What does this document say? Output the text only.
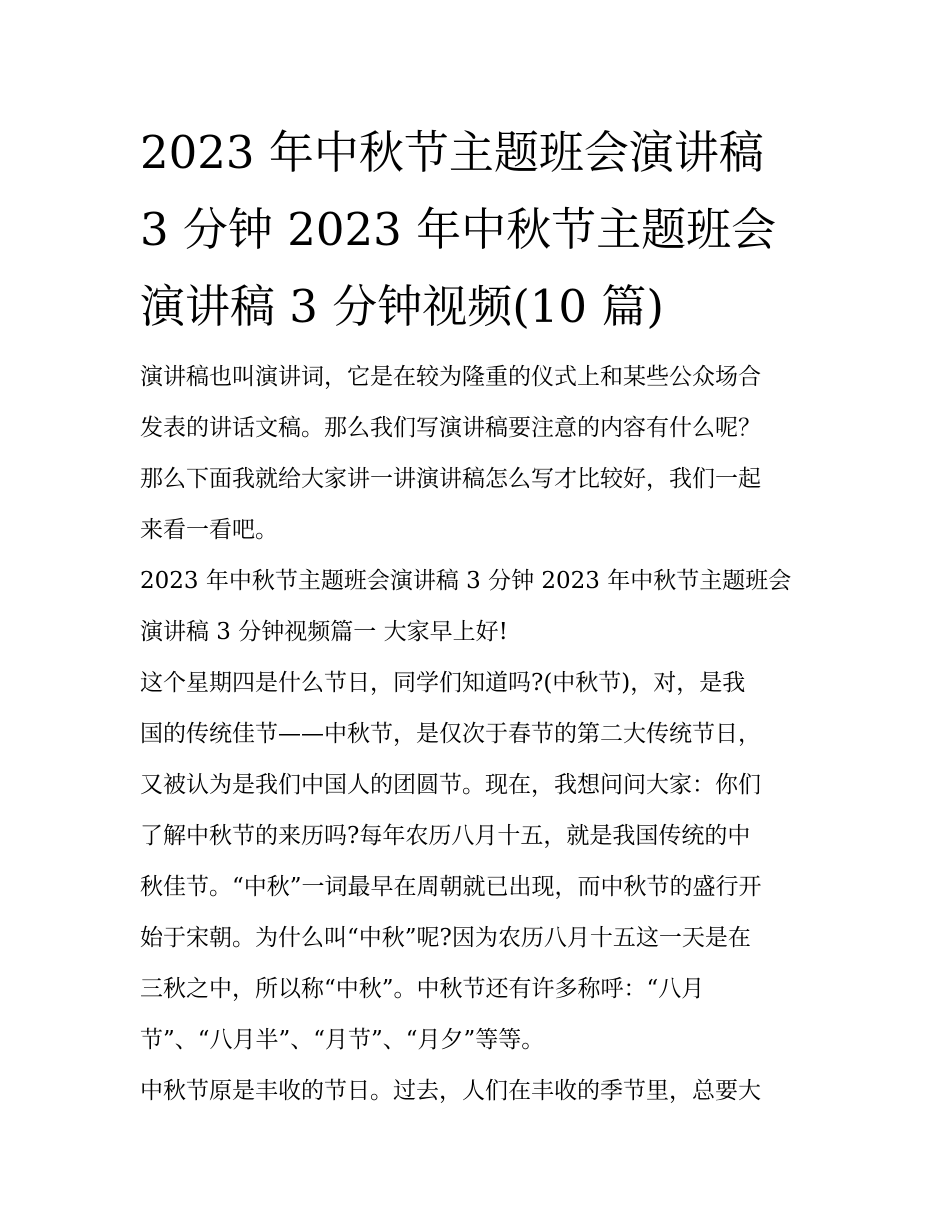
2023 年中秋节主题班会演讲稿
3 分钟 2023 年中秋节主题班会
演讲稿 3 分钟视频(10 篇)

演讲稿也叫演讲词，它是在较为隆重的仪式上和某些公众场合
发表的讲话文稿。那么我们写演讲稿要注意的内容有什么呢？
那么下面我就给大家讲一讲演讲稿怎么写才比较好，我们一起
来看一看吧。

2023 年中秋节主题班会演讲稿 3 分钟 2023 年中秋节主题班会
演讲稿 3 分钟视频篇一 大家早上好!

这个星期四是什么节日，同学们知道吗?(中秋节)，对，是我
国的传统佳节——中秋节，是仅次于春节的第二大传统节日，
又被认为是我们中国人的团圆节。现在，我想问问大家：你们
了解中秋节的来历吗?每年农历八月十五，就是我国传统的中
秋佳节。“中秋”一词最早在周朝就已出现，而中秋节的盛行开
始于宋朝。为什么叫“中秋”呢?因为农历八月十五这一天是在
三秋之中，所以称“中秋”。中秋节还有许多称呼：“八月
节”、“八月半”、“月节”、“月夕”等等。

中秋节原是丰收的节日。过去，人们在丰收的季节里，总要大
